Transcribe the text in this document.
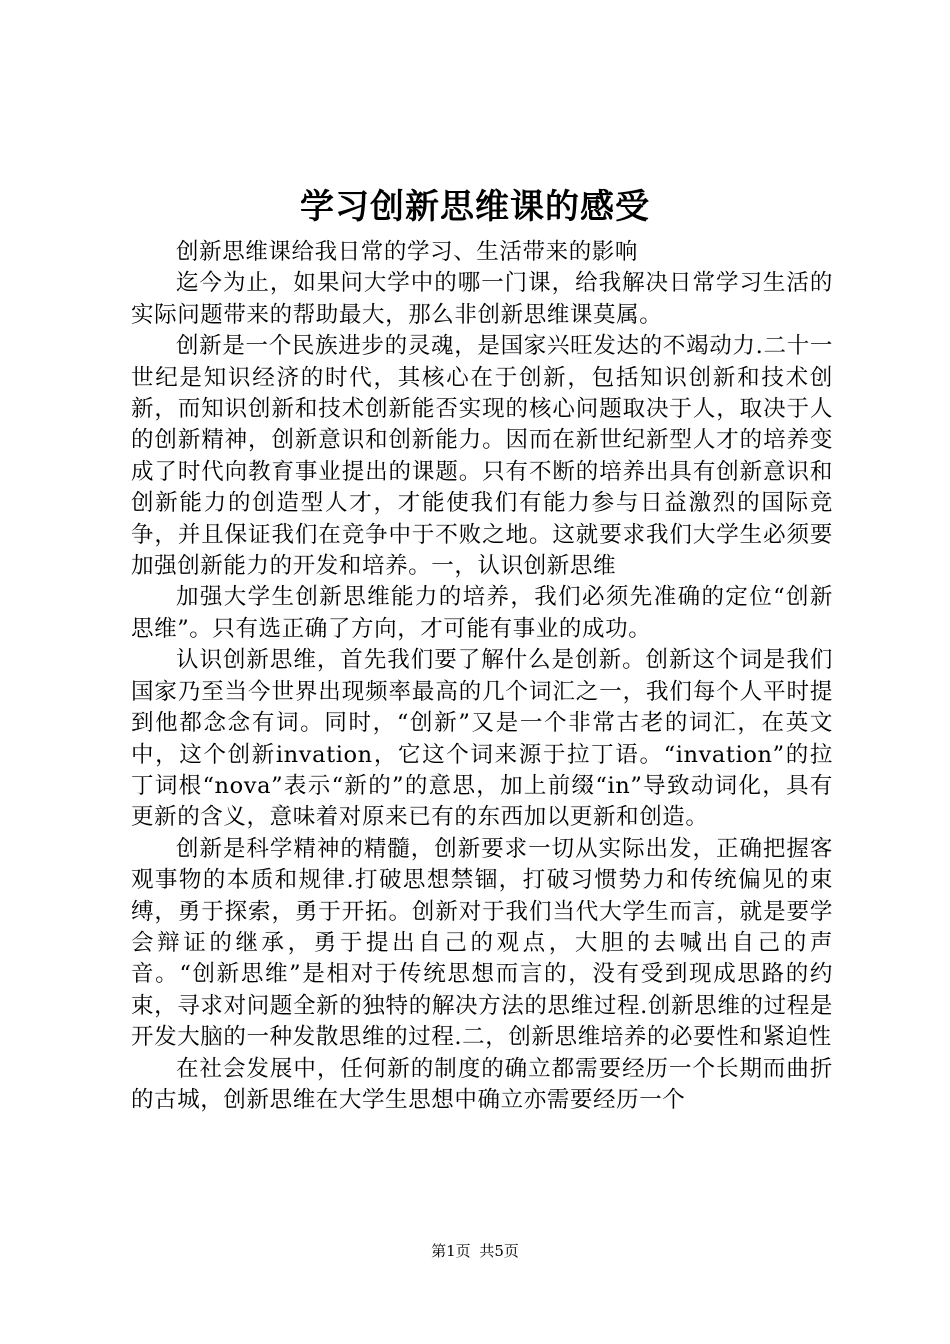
学习创新思维课的感受

创新思维课给我日常的学习、生活带来的影响

迄今为止，如果问大学中的哪一门课，给我解决日常学习生活的实际问题带来的帮助最大，那么非创新思维课莫属。

创新是一个民族进步的灵魂，是国家兴旺发达的不竭动力.二十一世纪是知识经济的时代，其核心在于创新，包括知识创新和技术创新，而知识创新和技术创新能否实现的核心问题取决于人，取决于人的创新精神，创新意识和创新能力。因而在新世纪新型人才的培养变成了时代向教育事业提出的课题。只有不断的培养出具有创新意识和创新能力的创造型人才，才能使我们有能力参与日益激烈的国际竞争，并且保证我们在竞争中于不败之地。这就要求我们大学生必须要加强创新能力的开发和培养。一，认识创新思维

加强大学生创新思维能力的培养，我们必须先准确的定位“创新思维”。只有选正确了方向，才可能有事业的成功。

认识创新思维，首先我们要了解什么是创新。创新这个词是我们国家乃至当今世界出现频率最高的几个词汇之一，我们每个人平时提到他都念念有词。同时，“创新”又是一个非常古老的词汇，在英文中，这个创新invation，它这个词来源于拉丁语。“invation”的拉丁词根“nova”表示“新的”的意思，加上前缀“in”导致动词化，具有更新的含义，意味着对原来已有的东西加以更新和创造。

创新是科学精神的精髓，创新要求一切从实际出发，正确把握客观事物的本质和规律.打破思想禁锢，打破习惯势力和传统偏见的束缚，勇于探索，勇于开拓。创新对于我们当代大学生而言，就是要学会辩证的继承，勇于提出自己的观点，大胆的去喊出自己的声音。“创新思维”是相对于传统思想而言的，没有受到现成思路的约束，寻求对问题全新的独特的解决方法的思维过程.创新思维的过程是开发大脑的一种发散思维的过程.二，创新思维培养的必要性和紧迫性

在社会发展中，任何新的制度的确立都需要经历一个长期而曲折的古城，创新思维在大学生思想中确立亦需要经历一个

第1页 共5页
